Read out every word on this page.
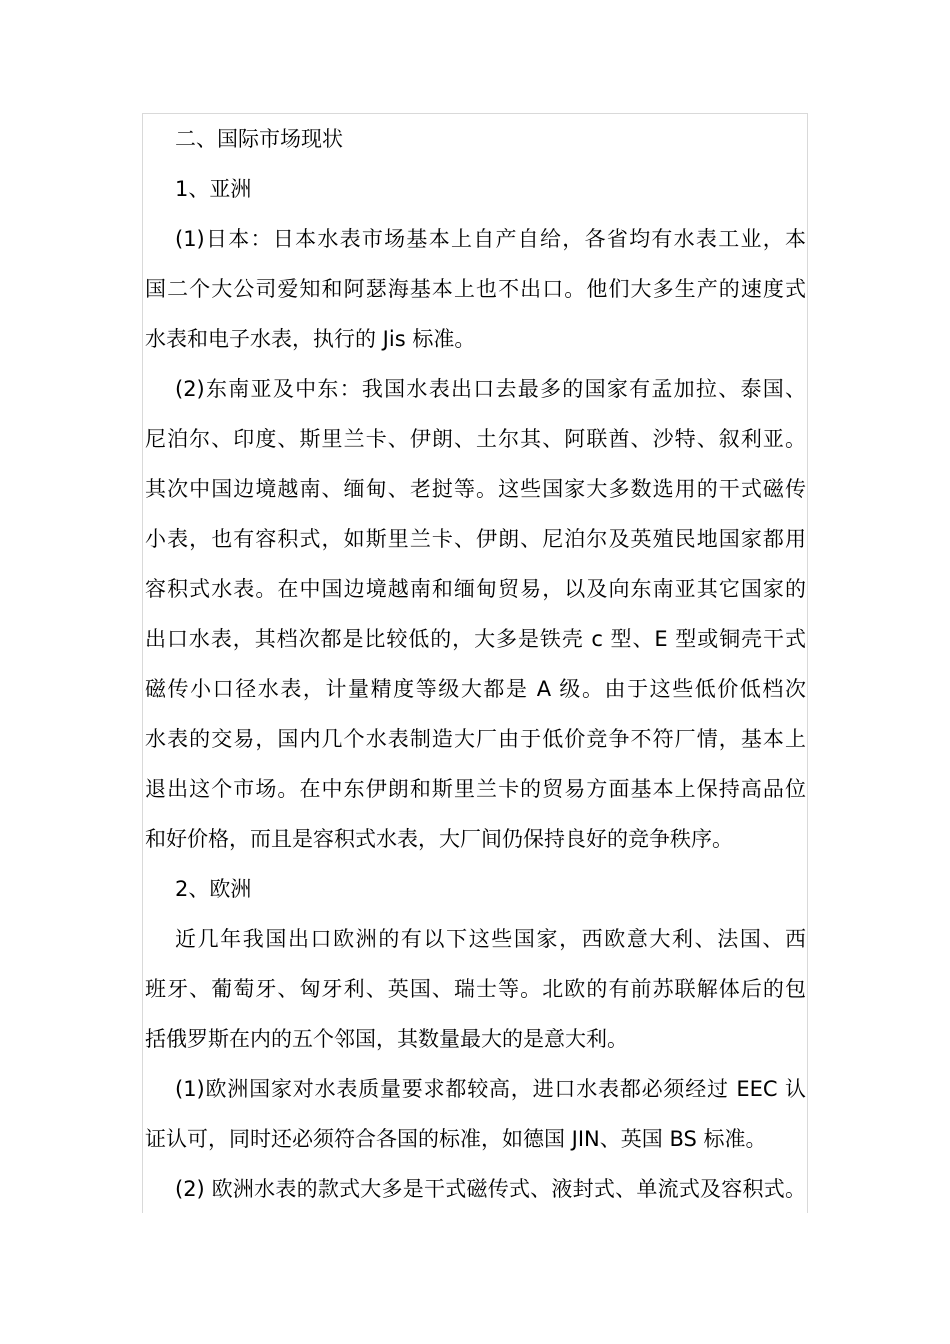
二、国际市场现状
1、亚洲
(1)日本：日本水表市场基本上自产自给，各省均有水表工业，本
国二个大公司爱知和阿瑟海基本上也不出口。他们大多生产的速度式
水表和电子水表，执行的 Jis 标准。
(2)东南亚及中东：我国水表出口去最多的国家有孟加拉、泰国、
尼泊尔、印度、斯里兰卡、伊朗、土尔其、阿联酋、沙特、叙利亚。
其次中国边境越南、缅甸、老挝等。这些国家大多数选用的干式磁传
小表，也有容积式，如斯里兰卡、伊朗、尼泊尔及英殖民地国家都用
容积式水表。在中国边境越南和缅甸贸易，以及向东南亚其它国家的
出口水表，其档次都是比较低的，大多是铁壳 c 型、E 型或铜壳干式
磁传小口径水表，计量精度等级大都是 A 级。由于这些低价低档次
水表的交易，国内几个水表制造大厂由于低价竞争不符厂情，基本上
退出这个市场。在中东伊朗和斯里兰卡的贸易方面基本上保持高品位
和好价格，而且是容积式水表，大厂间仍保持良好的竞争秩序。
2、欧洲
近几年我国出口欧洲的有以下这些国家，西欧意大利、法国、西
班牙、葡萄牙、匈牙利、英国、瑞士等。北欧的有前苏联解体后的包
括俄罗斯在内的五个邻国，其数量最大的是意大利。
(1)欧洲国家对水表质量要求都较高，进口水表都必须经过 EEC 认
证认可，同时还必须符合各国的标准，如德国 JIN、英国 BS 标准。
(2) 欧洲水表的款式大多是干式磁传式、液封式、单流式及容积式。
